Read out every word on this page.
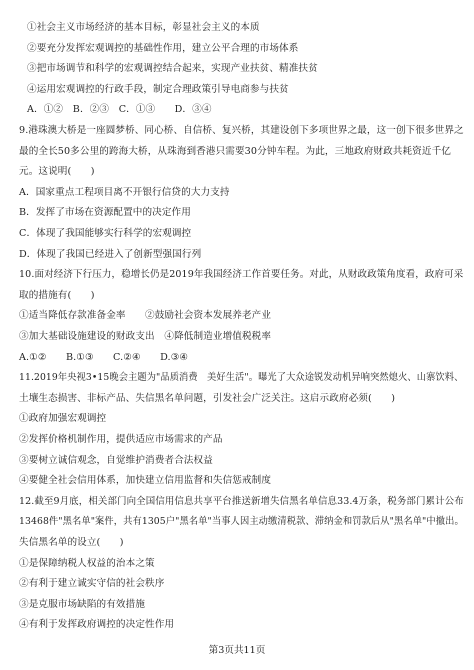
①社会主义市场经济的基本目标，彰显社会主义的本质
②要充分发挥宏观调控的基础性作用，建立公平合理的市场体系
③把市场调节和科学的宏观调控结合起来，实现产业扶贫、精准扶贫
④运用宏观调控的行政手段，制定合理政策引导电商参与扶贫
A．①②　B．②③　C．①③　　D．③④
9.港珠澳大桥是一座圆梦桥、同心桥、自信桥、复兴桥，其建设创下多项世界之最，这一创下很多世界之
最的全长50多公里的跨海大桥，从珠海到香港只需要30分钟车程。为此，三地政府财政共耗资近千亿
元。这说明(　　)
A．国家重点工程项目离不开银行信贷的大力支持
B．发挥了市场在资源配置中的决定作用
C．体现了我国能够实行科学的宏观调控
D．体现了我国已经进入了创新型强国行列
10.面对经济下行压力，稳增长仍是2019年我国经济工作首要任务。对此，从财政政策角度看，政府可采
取的措施有(　　)
①适当降低存款准备金率　　②鼓励社会资本发展养老产业
③加大基础设施建设的财政支出　④降低制造业增值税税率
A.①②　　B.①③　　C.②④　　D.③④
11.2019年央视3•15晚会主题为"品质消费　美好生活"。曝光了大众途锐发动机异响突然熄火、山寨饮料、
土壤生态损害、非标产品、失信黑名单问题，引发社会广泛关注。这启示政府必须(　　)
①政府加强宏观调控
②发挥价格机制作用，提供适应市场需求的产品
③要树立诚信观念，自觉维护消费者合法权益
④要健全社会信用体系，加快建立信用监督和失信惩戒制度
12.截至9月底，相关部门向全国信用信息共享平台推送新增失信黑名单信息33.4万条，税务部门累计公布
13468件"黑名单"案件，共有1305户"黑名单"当事人因主动缴清税款、滞纳金和罚款后从"黑名单"中撤出。
失信黑名单的设立(　　)
①是保障纳税人权益的治本之策
②有利于建立诚实守信的社会秩序
③是克服市场缺陷的有效措施
④有利于发挥政府调控的决定性作用
第3页共11页
